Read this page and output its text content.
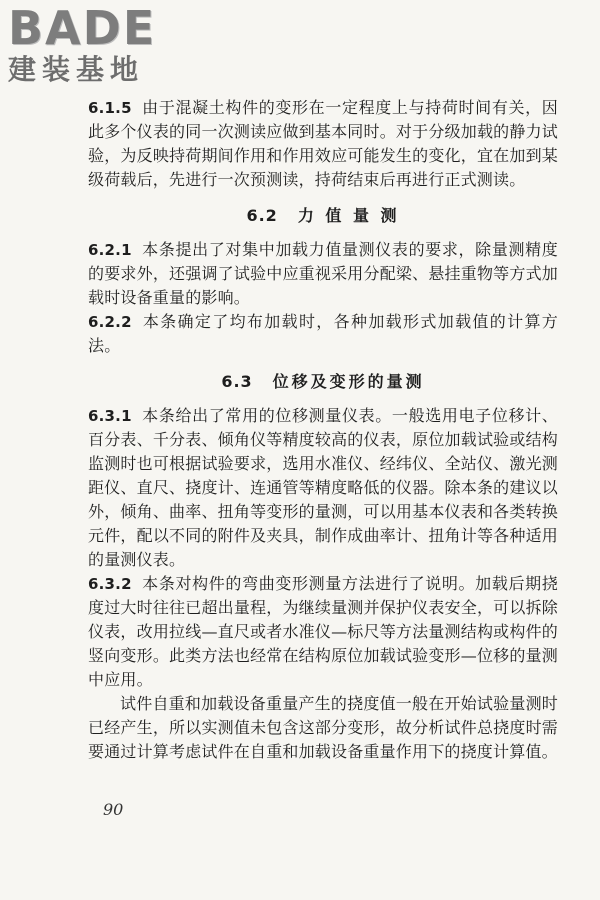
BADE
建装基地

6.1.5 由于混凝土构件的变形在一定程度上与持荷时间有关，因此多个仪表的同一次测读应做到基本同时。对于分级加载的静力试验，为反映持荷期间作用和作用效应可能发生的变化，宜在加到某级荷载后，先进行一次预测读，持荷结束后再进行正式测读。

6.2 力 值 量 测

6.2.1 本条提出了对集中加载力值量测仪表的要求，除量测精度的要求外，还强调了试验中应重视采用分配梁、悬挂重物等方式加载时设备重量的影响。

6.2.2 本条确定了均布加载时，各种加载形式加载值的计算方法。

6.3 位移及变形的量测

6.3.1 本条给出了常用的位移测量仪表。一般选用电子位移计、百分表、千分表、倾角仪等精度较高的仪表，原位加载试验或结构监测时也可根据试验要求，选用水准仪、经纬仪、全站仪、激光测距仪、直尺、挠度计、连通管等精度略低的仪器。除本条的建议以外，倾角、曲率、扭角等变形的量测，可以用基本仪表和各类转换元件，配以不同的附件及夹具，制作成曲率计、扭角计等各种适用的量测仪表。

6.3.2 本条对构件的弯曲变形测量方法进行了说明。加载后期挠度过大时往往已超出量程，为继续量测并保护仪表安全，可以拆除仪表，改用拉线—直尺或者水准仪—标尺等方法量测结构或构件的竖向变形。此类方法也经常在结构原位加载试验变形—位移的量测中应用。

试件自重和加载设备重量产生的挠度值一般在开始试验量测时已经产生，所以实测值未包含这部分变形，故分析试件总挠度时需要通过计算考虑试件在自重和加载设备重量作用下的挠度计算值。

90
